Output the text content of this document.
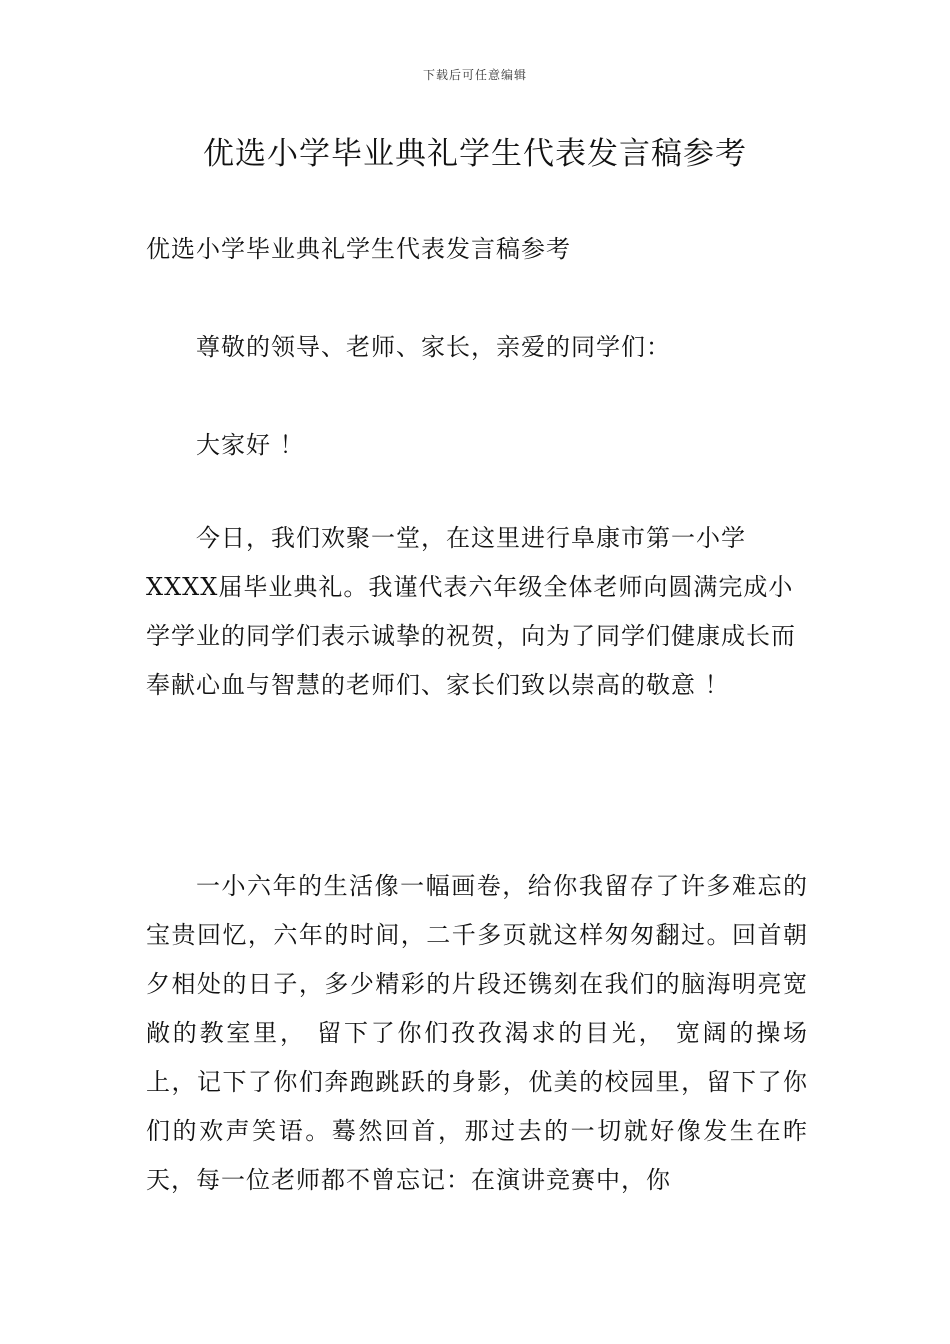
下载后可任意编辑
优选小学毕业典礼学生代表发言稿参考

优选小学毕业典礼学生代表发言稿参考

尊敬的领导、老师、家长，亲爱的同学们：

大家好 ！

今日，我们欢聚一堂，在这里进行阜康市第一小学XXXX届毕业典礼。我谨代表六年级全体老师向圆满完成小学学业的同学们表示诚挚的祝贺，向为了同学们健康成长而奉献心血与智慧的老师们、家长们致以崇高的敬意 ！

一小六年的生活像一幅画卷，给你我留存了许多难忘的宝贵回忆，六年的时间，二千多页就这样匆匆翻过。回首朝夕相处的日子，多少精彩的片段还镌刻在我们的脑海明亮宽敞的教室里， 留下了你们孜孜渴求的目光， 宽阔的操场上，记下了你们奔跑跳跃的身影，优美的校园里，留下了你们的欢声笑语。蓦然回首，那过去的一切就好像发生在昨天，每一位老师都不曾忘记：在演讲竞赛中，你
